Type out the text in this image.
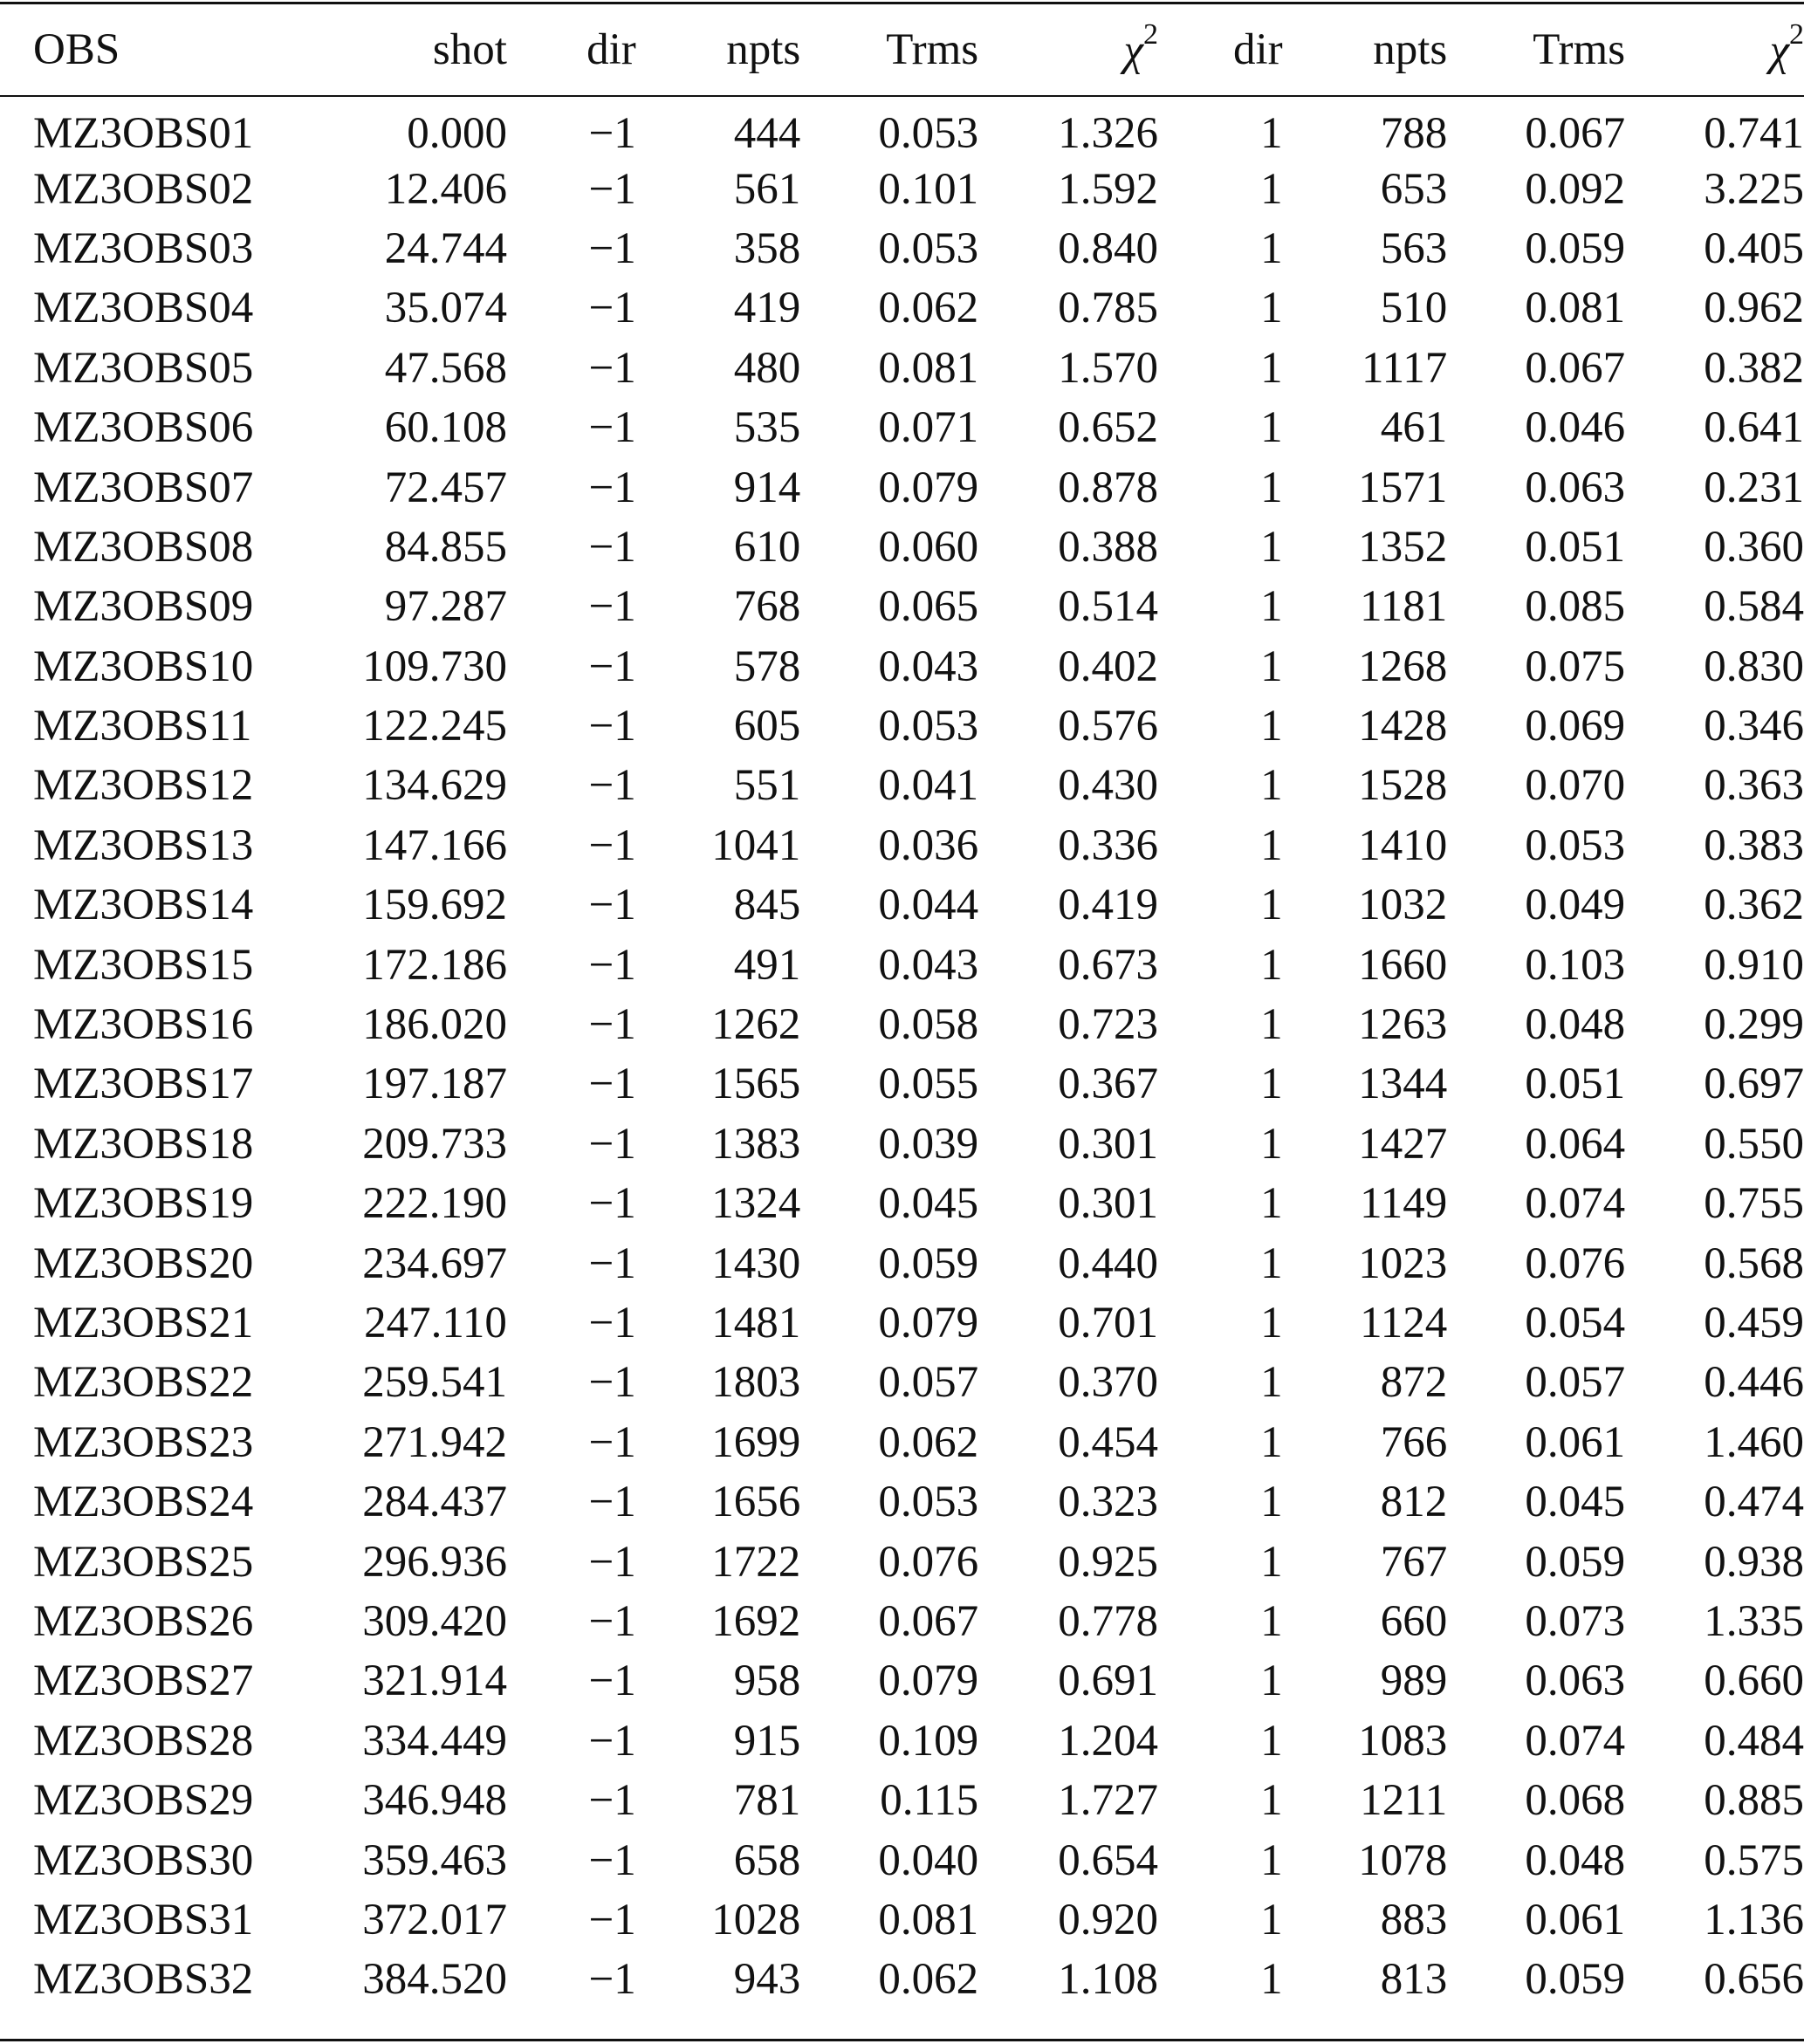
OBS	shot	dir	npts	Trms	$\chi^2$	dir	npts	Trms	$\chi^2$
MZ3OBS01	0.000	−1	444	0.053	1.326	1	788	0.067	0.741
MZ3OBS02	12.406	−1	561	0.101	1.592	1	653	0.092	3.225
MZ3OBS03	24.744	−1	358	0.053	0.840	1	563	0.059	0.405
MZ3OBS04	35.074	−1	419	0.062	0.785	1	510	0.081	0.962
MZ3OBS05	47.568	−1	480	0.081	1.570	1	1117	0.067	0.382
MZ3OBS06	60.108	−1	535	0.071	0.652	1	461	0.046	0.641
MZ3OBS07	72.457	−1	914	0.079	0.878	1	1571	0.063	0.231
MZ3OBS08	84.855	−1	610	0.060	0.388	1	1352	0.051	0.360
MZ3OBS09	97.287	−1	768	0.065	0.514	1	1181	0.085	0.584
MZ3OBS10	109.730	−1	578	0.043	0.402	1	1268	0.075	0.830
MZ3OBS11	122.245	−1	605	0.053	0.576	1	1428	0.069	0.346
MZ3OBS12	134.629	−1	551	0.041	0.430	1	1528	0.070	0.363
MZ3OBS13	147.166	−1	1041	0.036	0.336	1	1410	0.053	0.383
MZ3OBS14	159.692	−1	845	0.044	0.419	1	1032	0.049	0.362
MZ3OBS15	172.186	−1	491	0.043	0.673	1	1660	0.103	0.910
MZ3OBS16	186.020	−1	1262	0.058	0.723	1	1263	0.048	0.299
MZ3OBS17	197.187	−1	1565	0.055	0.367	1	1344	0.051	0.697
MZ3OBS18	209.733	−1	1383	0.039	0.301	1	1427	0.064	0.550
MZ3OBS19	222.190	−1	1324	0.045	0.301	1	1149	0.074	0.755
MZ3OBS20	234.697	−1	1430	0.059	0.440	1	1023	0.076	0.568
MZ3OBS21	247.110	−1	1481	0.079	0.701	1	1124	0.054	0.459
MZ3OBS22	259.541	−1	1803	0.057	0.370	1	872	0.057	0.446
MZ3OBS23	271.942	−1	1699	0.062	0.454	1	766	0.061	1.460
MZ3OBS24	284.437	−1	1656	0.053	0.323	1	812	0.045	0.474
MZ3OBS25	296.936	−1	1722	0.076	0.925	1	767	0.059	0.938
MZ3OBS26	309.420	−1	1692	0.067	0.778	1	660	0.073	1.335
MZ3OBS27	321.914	−1	958	0.079	0.691	1	989	0.063	0.660
MZ3OBS28	334.449	−1	915	0.109	1.204	1	1083	0.074	0.484
MZ3OBS29	346.948	−1	781	0.115	1.727	1	1211	0.068	0.885
MZ3OBS30	359.463	−1	658	0.040	0.654	1	1078	0.048	0.575
MZ3OBS31	372.017	−1	1028	0.081	0.920	1	883	0.061	1.136
MZ3OBS32	384.520	−1	943	0.062	1.108	1	813	0.059	0.656
